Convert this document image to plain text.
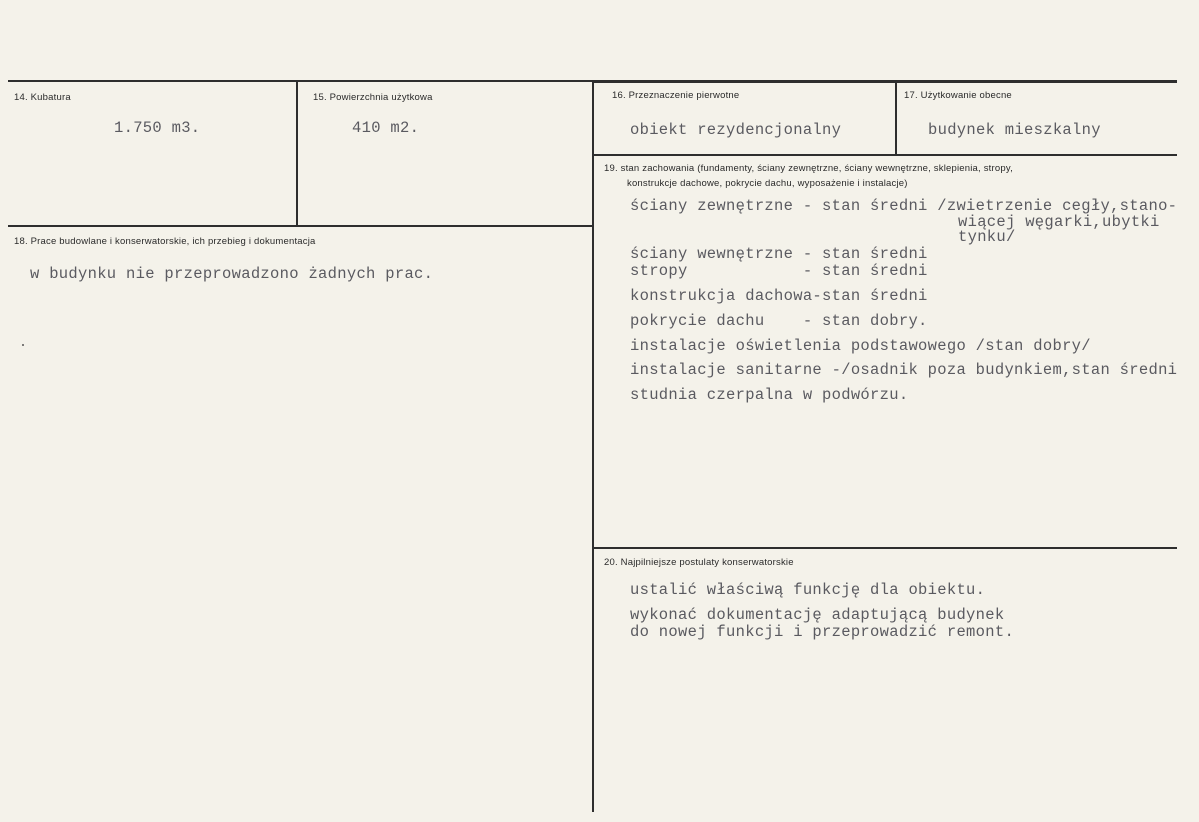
14. Kubatura
1.750 m3.
15. Powierzchnia użytkowa
410 m2.
16. Przeznaczenie pierwotne
obiekt rezydencjonalny
17. Użytkowanie obecne
budynek mieszkalny
18. Prace budowlane i konserwatorskie, ich przebieg i dokumentacja
w budynku nie przeprowadzono żadnych prac.
19. stan zachowania (fundamenty, ściany zewnętrzne, ściany wewnętrzne, sklepienia, stropy,
konstrukcje dachowe, pokrycie dachu, wyposażenie i instalacje)
ściany zewnętrzne - stan średni /zwietrzenie cegły,stano-
wiącej węgarki,ubytki
tynku/
ściany wewnętrzne - stan średni
stropy            - stan średni
konstrukcja dachowa-stan średni
pokrycie dachu    - stan dobry.
instalacje oświetlenia podstawowego /stan dobry/
instalacje sanitarne -/osadnik poza budynkiem,stan średni
studnia czerpalna w podwórzu.
20. Najpilniejsze postulaty konserwatorskie
ustalić właściwą funkcję dla obiektu.
wykonać dokumentację adaptującą budynek
do nowej funkcji i przeprowadzić remont.
